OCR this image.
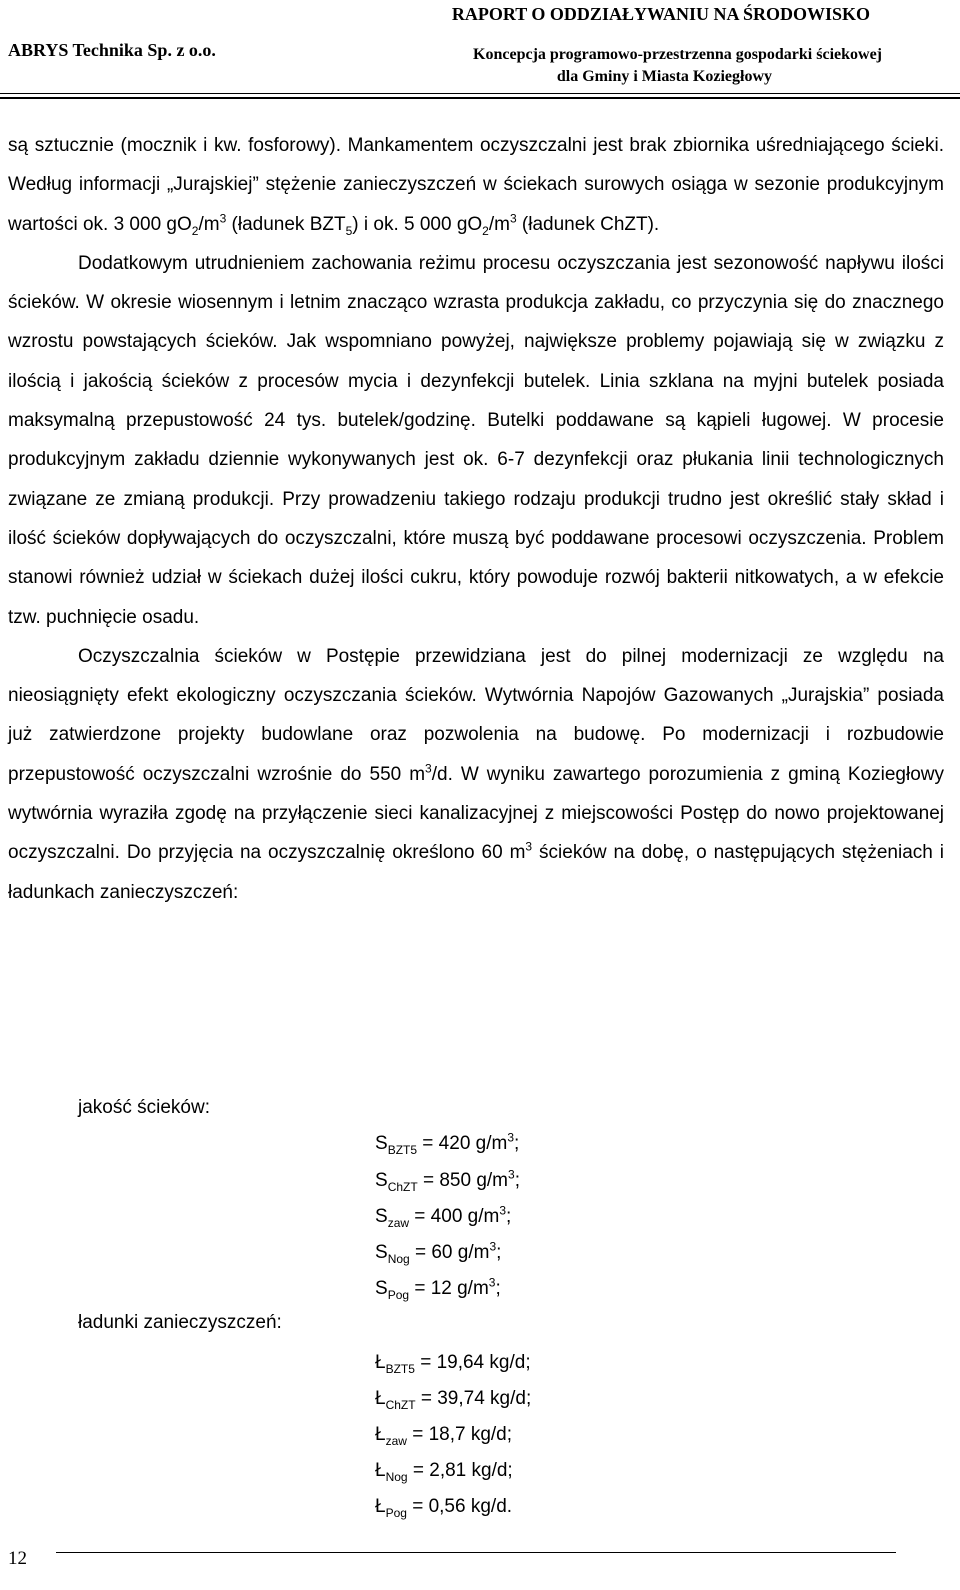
ABRYS Technika Sp. z o.o.
RAPORT O ODDZIAŁYWANIU NA ŚRODOWISKO
Koncepcja programowo-przestrzenna gospodarki ściekowej
dla Gminy i Miasta Koziegłowy

są sztucznie (mocznik i kw. fosforowy). Mankamentem oczyszczalni jest brak zbiornika uśredniającego ścieki. Według informacji „Jurajskiej” stężenie zanieczyszczeń w ściekach surowych osiąga w sezonie produkcyjnym wartości ok. 3 000 $gO_2/m^3$ (ładunek $BZT_5$) i ok. 5 000 $gO_2/m^3$ (ładunek ChZT).

Dodatkowym utrudnieniem zachowania reżimu procesu oczyszczania jest sezonowość napływu ilości ścieków. W okresie wiosennym i letnim znacząco wzrasta produkcja zakładu, co przyczynia się do znacznego wzrostu powstających ścieków. Jak wspomniano powyżej, największe problemy pojawiają się w związku z ilością i jakością ścieków z procesów mycia i dezynfekcji butelek. Linia szklana na myjni butelek posiada maksymalną przepustowość 24 tys. butelek/godzinę. Butelki poddawane są kąpieli ługowej. W procesie produkcyjnym zakładu dziennie wykonywanych jest ok. 6-7 dezynfekcji oraz płukania linii technologicznych związane ze zmianą produkcji. Przy prowadzeniu takiego rodzaju produkcji trudno jest określić stały skład i ilość ścieków dopływających do oczyszczalni, które muszą być poddawane procesowi oczyszczenia. Problem stanowi również udział w ściekach dużej ilości cukru, który powoduje rozwój bakterii nitkowatych, a w efekcie tzw. puchnięcie osadu.

Oczyszczalnia ścieków w Postępie przewidziana jest do pilnej modernizacji ze względu na nieosiągnięty efekt ekologiczny oczyszczania ścieków. Wytwórnia Napojów Gazowanych „Jurajskia” posiada już zatwierdzone projekty budowlane oraz pozwolenia na budowę. Po modernizacji i rozbudowie przepustowość oczyszczalni wzrośnie do 550 $m^3/d$. W wyniku zawartego porozumienia z gminą Koziegłowy wytwórnia wyraziła zgodę na przyłączenie sieci kanalizacyjnej z miejscowości Postęp do nowo projektowanej oczyszczalni. Do przyjęcia na oczyszczalnię określono 60 $m^3$ ścieków na dobę, o następujących stężeniach i ładunkach zanieczyszczeń:

jakość ścieków:
$S_{BZT5} = 420$ $g/m^3$;
$S_{ChZT} = 850$ $g/m^3$;
$S_{zaw} = 400$ $g/m^3$;
$S_{Nog} = 60$ $g/m^3$;
$S_{Pog} = 12$ $g/m^3$;
ładunki zanieczyszczeń:
$Ł_{BZT5} = 19,64$ kg/d;
$Ł_{ChZT} = 39,74$ kg/d;
$Ł_{zaw} = 18,7$ kg/d;
$Ł_{Nog} = 2,81$ kg/d;
$Ł_{Pog} = 0,56$ kg/d.
12
